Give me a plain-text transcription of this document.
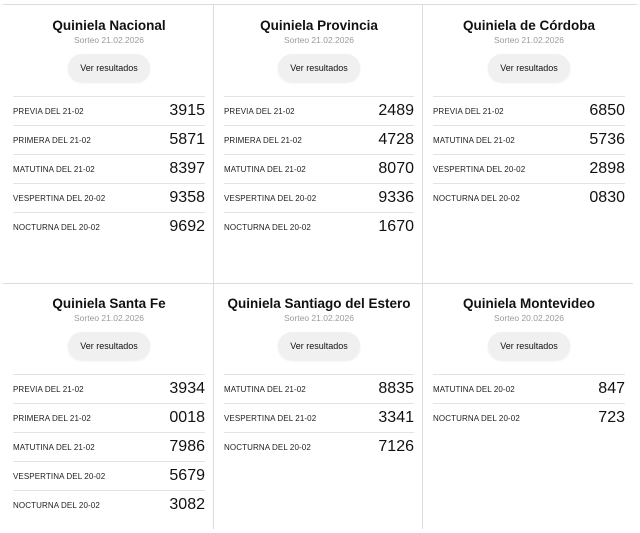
Quiniela Nacional
Sorteo 21.02.2026
Ver resultados
PREVIA DEL 21-02	3915
PRIMERA DEL 21-02	5871
MATUTINA DEL 21-02	8397
VESPERTINA DEL 20-02	9358
NOCTURNA DEL 20-02	9692
Quiniela Provincia
Sorteo 21.02.2026
Ver resultados
PREVIA DEL 21-02	2489
PRIMERA DEL 21-02	4728
MATUTINA DEL 21-02	8070
VESPERTINA DEL 20-02	9336
NOCTURNA DEL 20-02	1670
Quiniela de Córdoba
Sorteo 21.02.2026
Ver resultados
PREVIA DEL 21-02	6850
MATUTINA DEL 21-02	5736
VESPERTINA DEL 20-02	2898
NOCTURNA DEL 20-02	0830
Quiniela Santa Fe
Sorteo 21.02.2026
Ver resultados
PREVIA DEL 21-02	3934
PRIMERA DEL 21-02	0018
MATUTINA DEL 21-02	7986
VESPERTINA DEL 20-02	5679
NOCTURNA DEL 20-02	3082
Quiniela Santiago del Estero
Sorteo 21.02.2026
Ver resultados
MATUTINA DEL 21-02	8835
VESPERTINA DEL 21-02	3341
NOCTURNA DEL 20-02	7126
Quiniela Montevideo
Sorteo 20.02.2026
Ver resultados
MATUTINA DEL 20-02	847
NOCTURNA DEL 20-02	723
